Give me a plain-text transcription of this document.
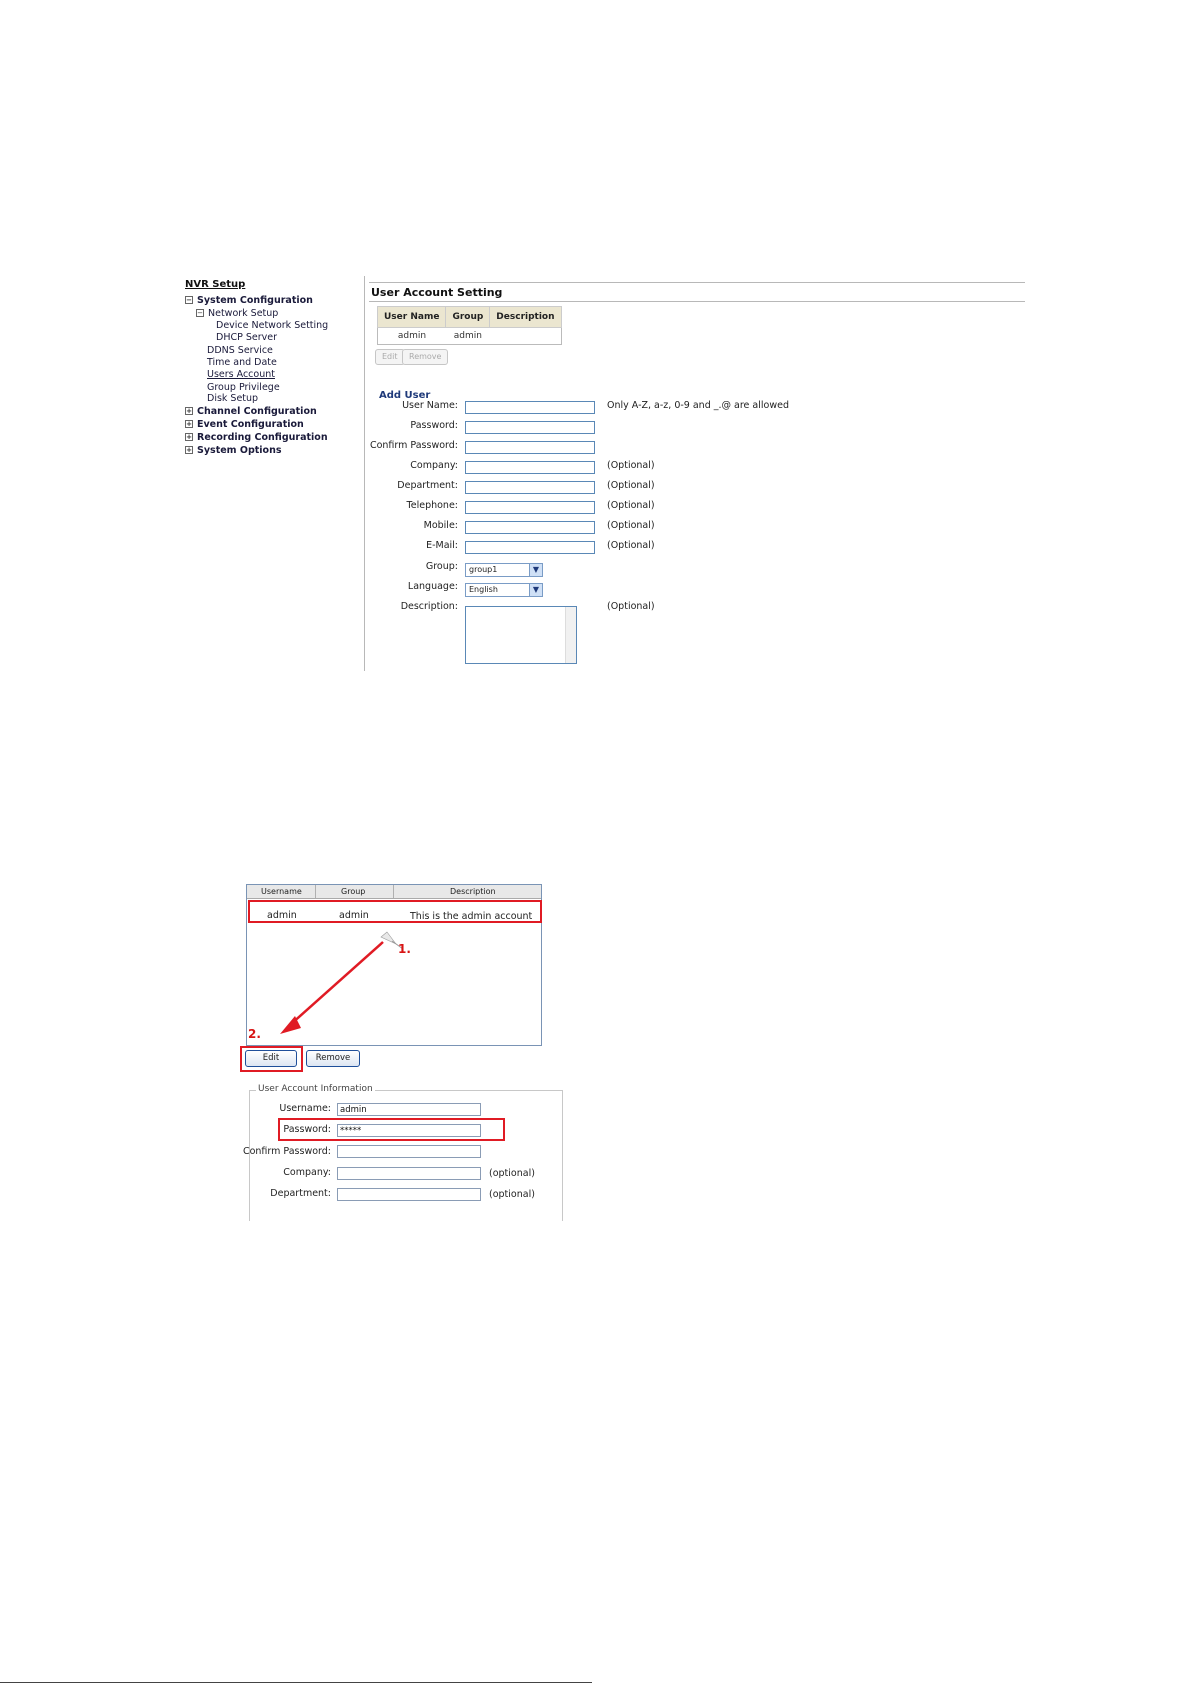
NVR Setup
− System Configuration
− Network Setup
Device Network Setting
DHCP Server
DDNS Service
Time and Date
Users Account
Group Privilege
Disk Setup
+ Channel Configuration
+ Event Configuration
+ Recording Configuration
+ System Options
User Account Setting
User Name	Group	Description
admin	admin	
Edit	Remove
Add User
User Name:	Only A-Z, a-z, 0-9 and _.@ are allowed
Password:
Confirm Password:
Company:	(Optional)
Department:	(Optional)
Telephone:	(Optional)
Mobile:	(Optional)
E-Mail:	(Optional)
Group:	group1	▼
Language:	English	▼
Description:	(Optional)
Username	Group	Description
admin	admin	This is the admin account
1.
2.
Edit	Remove
User Account Information
Username:	admin
Password:	*****
Confirm Password:
Company:	(optional)
Department:	(optional)
